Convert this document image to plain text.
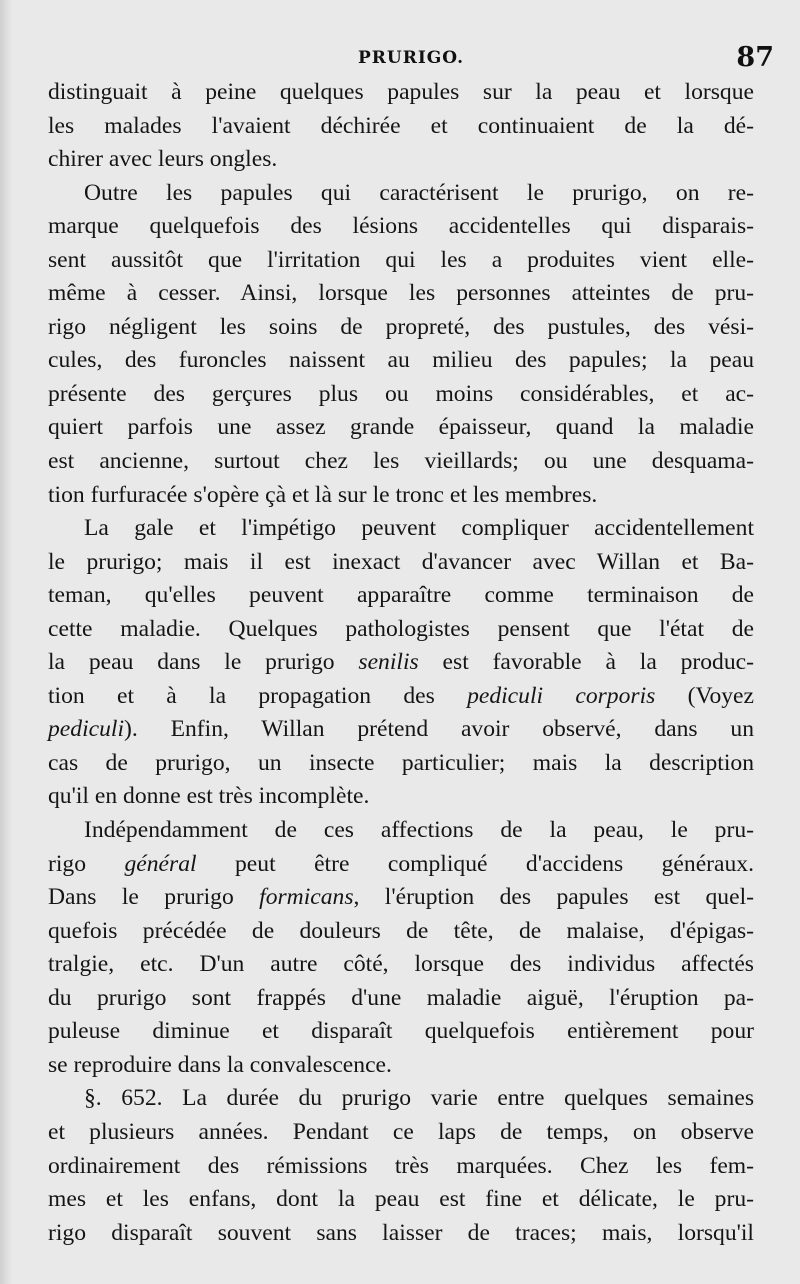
PRURIGO.	87
distinguait à peine quelques papules sur la peau et lorsque
les malades l'avaient déchirée et continuaient de la dé-
chirer avec leurs ongles.
Outre les papules qui caractérisent le prurigo, on re-
marque quelquefois des lésions accidentelles qui disparais-
sent aussitôt que l'irritation qui les a produites vient elle-
même à cesser. Ainsi, lorsque les personnes atteintes de pru-
rigo négligent les soins de propreté, des pustules, des vési-
cules, des furoncles naissent au milieu des papules; la peau
présente des gerçures plus ou moins considérables, et ac-
quiert parfois une assez grande épaisseur, quand la maladie
est ancienne, surtout chez les vieillards; ou une desquama-
tion furfuracée s'opère çà et là sur le tronc et les membres.
La gale et l'impétigo peuvent compliquer accidentellement
le prurigo; mais il est inexact d'avancer avec Willan et Ba-
teman, qu'elles peuvent apparaître comme terminaison de
cette maladie. Quelques pathologistes pensent que l'état de
la peau dans le prurigo senilis est favorable à la produc-
tion et à la propagation des pediculi corporis (Voyez
pediculi). Enfin, Willan prétend avoir observé, dans un
cas de prurigo, un insecte particulier; mais la description
qu'il en donne est très incomplète.
Indépendamment de ces affections de la peau, le pru-
rigo général peut être compliqué d'accidens généraux.
Dans le prurigo formicans, l'éruption des papules est quel-
quefois précédée de douleurs de tête, de malaise, d'épigas-
tralgie, etc. D'un autre côté, lorsque des individus affectés
du prurigo sont frappés d'une maladie aiguë, l'éruption pa-
puleuse diminue et disparaît quelquefois entièrement pour
se reproduire dans la convalescence.
§. 652. La durée du prurigo varie entre quelques semaines
et plusieurs années. Pendant ce laps de temps, on observe
ordinairement des rémissions très marquées. Chez les fem-
mes et les enfans, dont la peau est fine et délicate, le pru-
rigo disparaît souvent sans laisser de traces; mais, lorsqu'il
